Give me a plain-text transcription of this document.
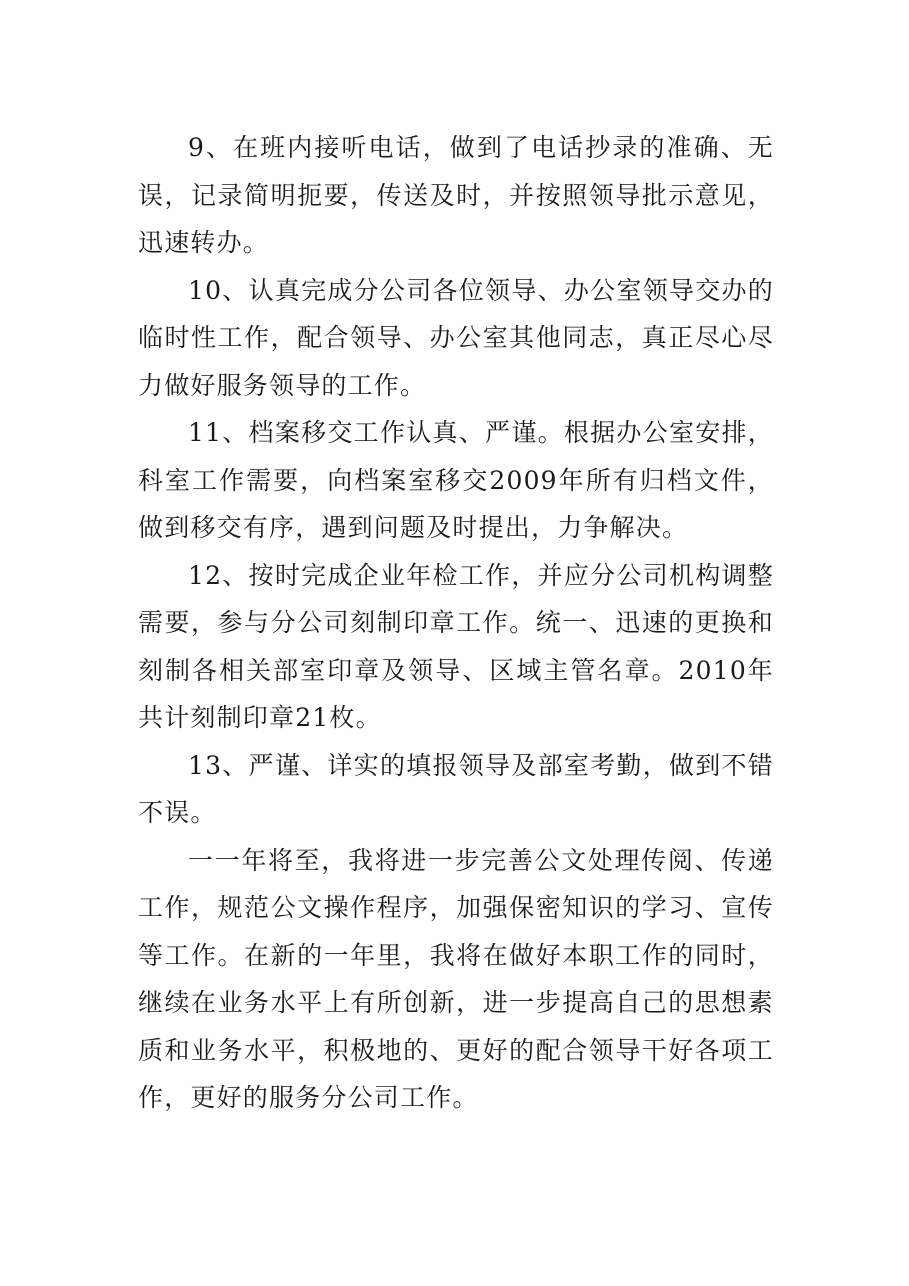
9、在班内接听电话，做到了电话抄录的准确、无误，记录简明扼要，传送及时，并按照领导批示意见，迅速转办。

10、认真完成分公司各位领导、办公室领导交办的临时性工作，配合领导、办公室其他同志，真正尽心尽力做好服务领导的工作。

11、档案移交工作认真、严谨。根据办公室安排，科室工作需要，向档案室移交2009年所有归档文件，做到移交有序，遇到问题及时提出，力争解决。

12、按时完成企业年检工作，并应分公司机构调整需要，参与分公司刻制印章工作。统一、迅速的更换和刻制各相关部室印章及领导、区域主管名章。2010年共计刻制印章21枚。

13、严谨、详实的填报领导及部室考勤，做到不错不误。

一一年将至，我将进一步完善公文处理传阅、传递工作，规范公文操作程序，加强保密知识的学习、宣传等工作。在新的一年里，我将在做好本职工作的同时，继续在业务水平上有所创新，进一步提高自己的思想素质和业务水平，积极地的、更好的配合领导干好各项工作，更好的服务分公司工作。
